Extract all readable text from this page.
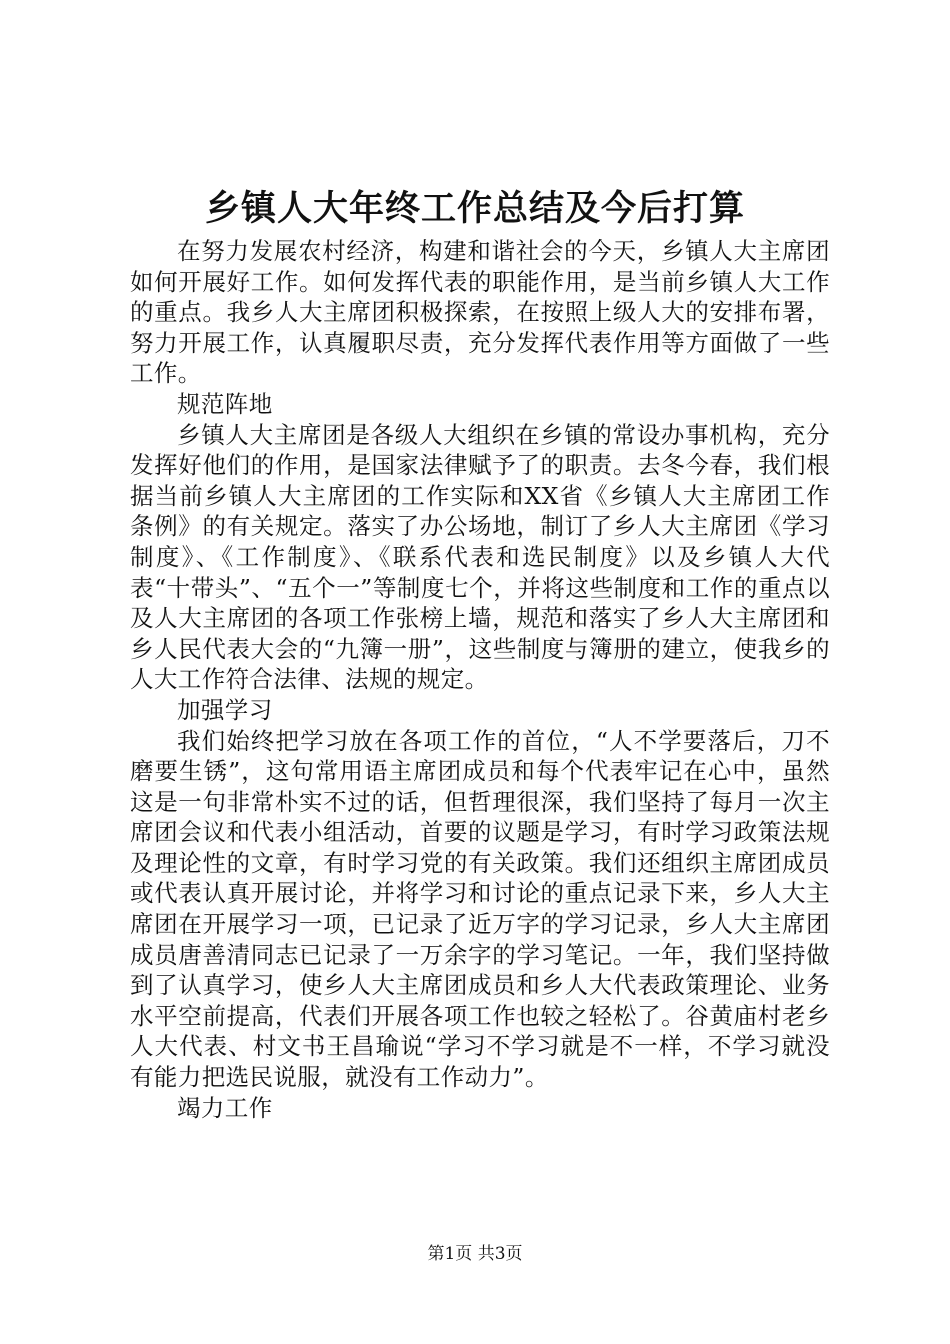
乡镇人大年终工作总结及今后打算

在努力发展农村经济，构建和谐社会的今天，乡镇人大主席团如何开展好工作。如何发挥代表的职能作用，是当前乡镇人大工作的重点。我乡人大主席团积极探索，在按照上级人大的安排布署，努力开展工作，认真履职尽责，充分发挥代表作用等方面做了一些工作。

规范阵地

乡镇人大主席团是各级人大组织在乡镇的常设办事机构，充分发挥好他们的作用，是国家法律赋予了的职责。去冬今春，我们根据当前乡镇人大主席团的工作实际和XX省《乡镇人大主席团工作条例》的有关规定。落实了办公场地，制订了乡人大主席团《学习制度》、《工作制度》、《联系代表和选民制度》以及乡镇人大代表“十带头”、“五个一”等制度七个，并将这些制度和工作的重点以及人大主席团的各项工作张榜上墙，规范和落实了乡人大主席团和乡人民代表大会的“九簿一册”，这些制度与簿册的建立，使我乡的人大工作符合法律、法规的规定。

加强学习

我们始终把学习放在各项工作的首位，“人不学要落后，刀不磨要生锈”，这句常用语主席团成员和每个代表牢记在心中，虽然这是一句非常朴实不过的话，但哲理很深，我们坚持了每月一次主席团会议和代表小组活动，首要的议题是学习，有时学习政策法规及理论性的文章，有时学习党的有关政策。我们还组织主席团成员或代表认真开展讨论，并将学习和讨论的重点记录下来，乡人大主席团在开展学习一项，已记录了近万字的学习记录，乡人大主席团成员唐善清同志已记录了一万余字的学习笔记。一年，我们坚持做到了认真学习，使乡人大主席团成员和乡人大代表政策理论、业务水平空前提高，代表们开展各项工作也较之轻松了。谷黄庙村老乡人大代表、村文书王昌瑜说“学习不学习就是不一样，不学习就没有能力把选民说服，就没有工作动力”。

竭力工作

第1页 共3页
